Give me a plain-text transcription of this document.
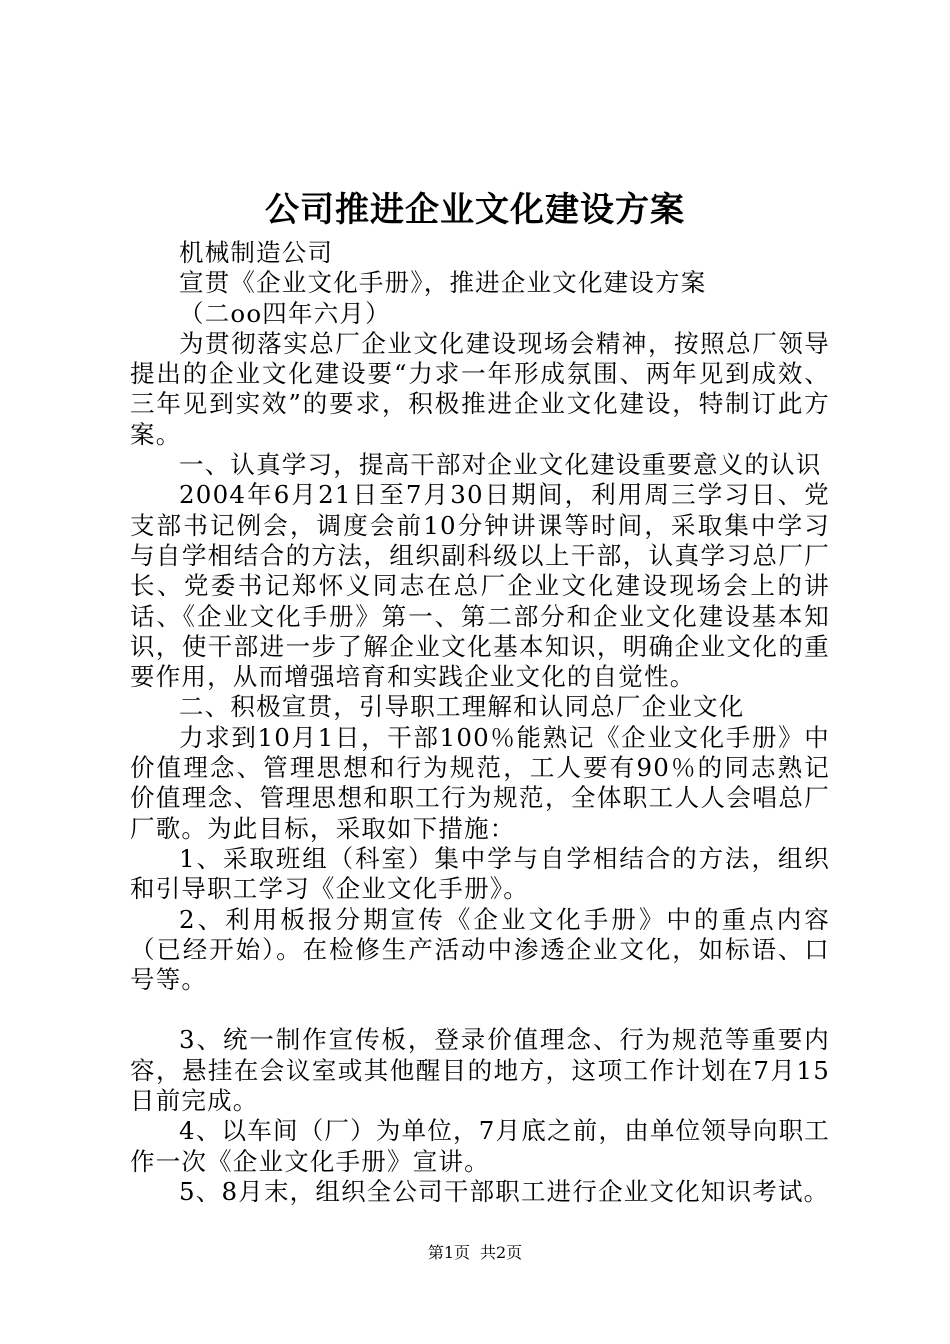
公司推进企业文化建设方案

机械制造公司

宣贯《企业文化手册》，推进企业文化建设方案

（二oo四年六月）

为贯彻落实总厂企业文化建设现场会精神，按照总厂领导提出的企业文化建设要“力求一年形成氛围、两年见到成效、三年见到实效”的要求，积极推进企业文化建设，特制订此方案。

一、认真学习，提高干部对企业文化建设重要意义的认识

2004年6月21日至7月30日期间，利用周三学习日、党支部书记例会，调度会前10分钟讲课等时间，采取集中学习与自学相结合的方法，组织副科级以上干部，认真学习总厂厂长、党委书记郑怀义同志在总厂企业文化建设现场会上的讲话、《企业文化手册》第一、第二部分和企业文化建设基本知识，使干部进一步了解企业文化基本知识，明确企业文化的重要作用，从而增强培育和实践企业文化的自觉性。

二、积极宣贯，引导职工理解和认同总厂企业文化

力求到10月1日，干部100％能熟记《企业文化手册》中价值理念、管理思想和行为规范，工人要有90％的同志熟记价值理念、管理思想和职工行为规范，全体职工人人会唱总厂厂歌。为此目标，采取如下措施：

1、采取班组（科室）集中学与自学相结合的方法，组织和引导职工学习《企业文化手册》。

2、利用板报分期宣传《企业文化手册》中的重点内容（已经开始）。在检修生产活动中渗透企业文化，如标语、口号等。

3、统一制作宣传板，登录价值理念、行为规范等重要内容，悬挂在会议室或其他醒目的地方，这项工作计划在7月15日前完成。

4、以车间（厂）为单位，7月底之前，由单位领导向职工作一次《企业文化手册》宣讲。

5、8月末，组织全公司干部职工进行企业文化知识考试。

第1页 共2页
